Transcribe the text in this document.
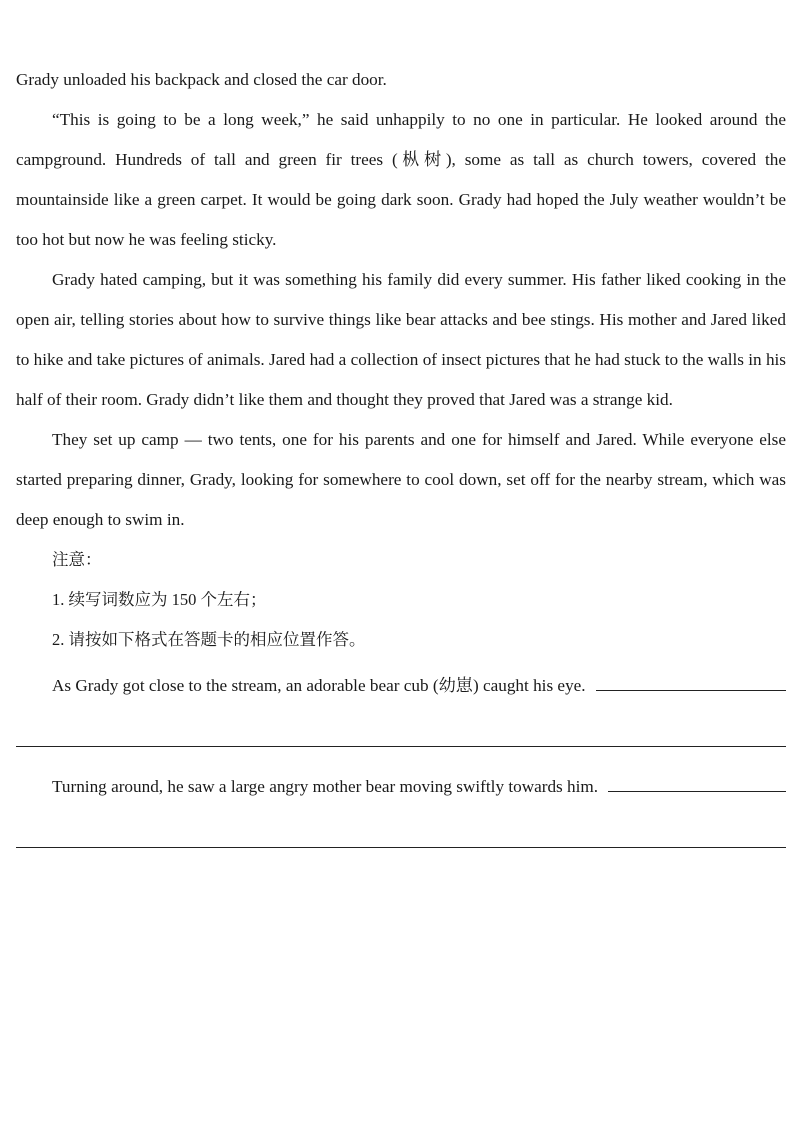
Grady unloaded his backpack and closed the car door.

“This is going to be a long week,” he said unhappily to no one in particular. He looked around the campground. Hundreds of tall and green fir trees (枞树), some as tall as church towers, covered the mountainside like a green carpet. It would be going dark soon. Grady had hoped the July weather wouldn’t be too hot but now he was feeling sticky.

Grady hated camping, but it was something his family did every summer. His father liked cooking in the open air, telling stories about how to survive things like bear attacks and bee stings. His mother and Jared liked to hike and take pictures of animals. Jared had a collection of insect pictures that he had stuck to the walls in his half of their room. Grady didn’t like them and thought they proved that Jared was a strange kid.

They set up camp — two tents, one for his parents and one for himself and Jared. While everyone else started preparing dinner, Grady, looking for somewhere to cool down, set off for the nearby stream, which was deep enough to swim in.

注意：

1. 续写词数应为 150 个左右；

2. 请按如下格式在答题卡的相应位置作答。

As Grady got close to the stream, an adorable bear cub (幼崽) caught his eye.
Turning around, he saw a large angry mother bear moving swiftly towards him.
